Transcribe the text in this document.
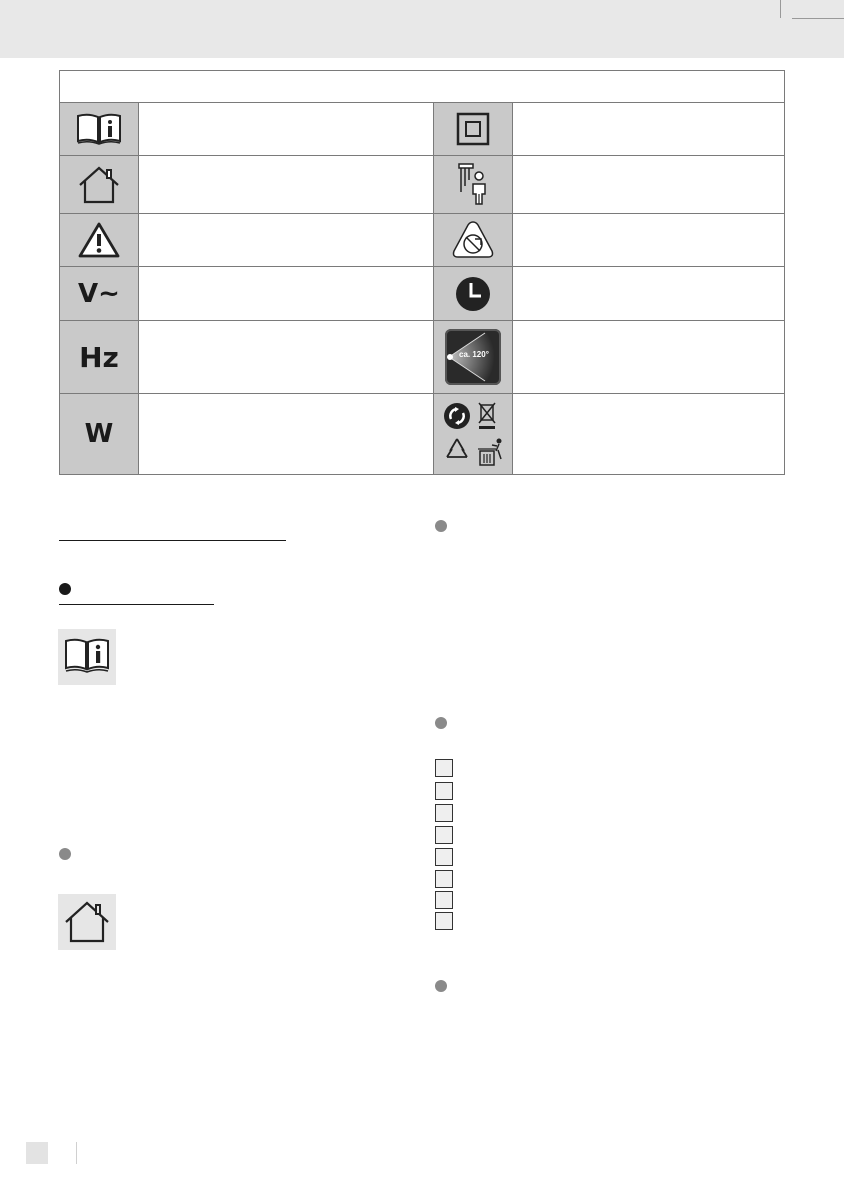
V~		

Hz		ca. 120°	

W		
